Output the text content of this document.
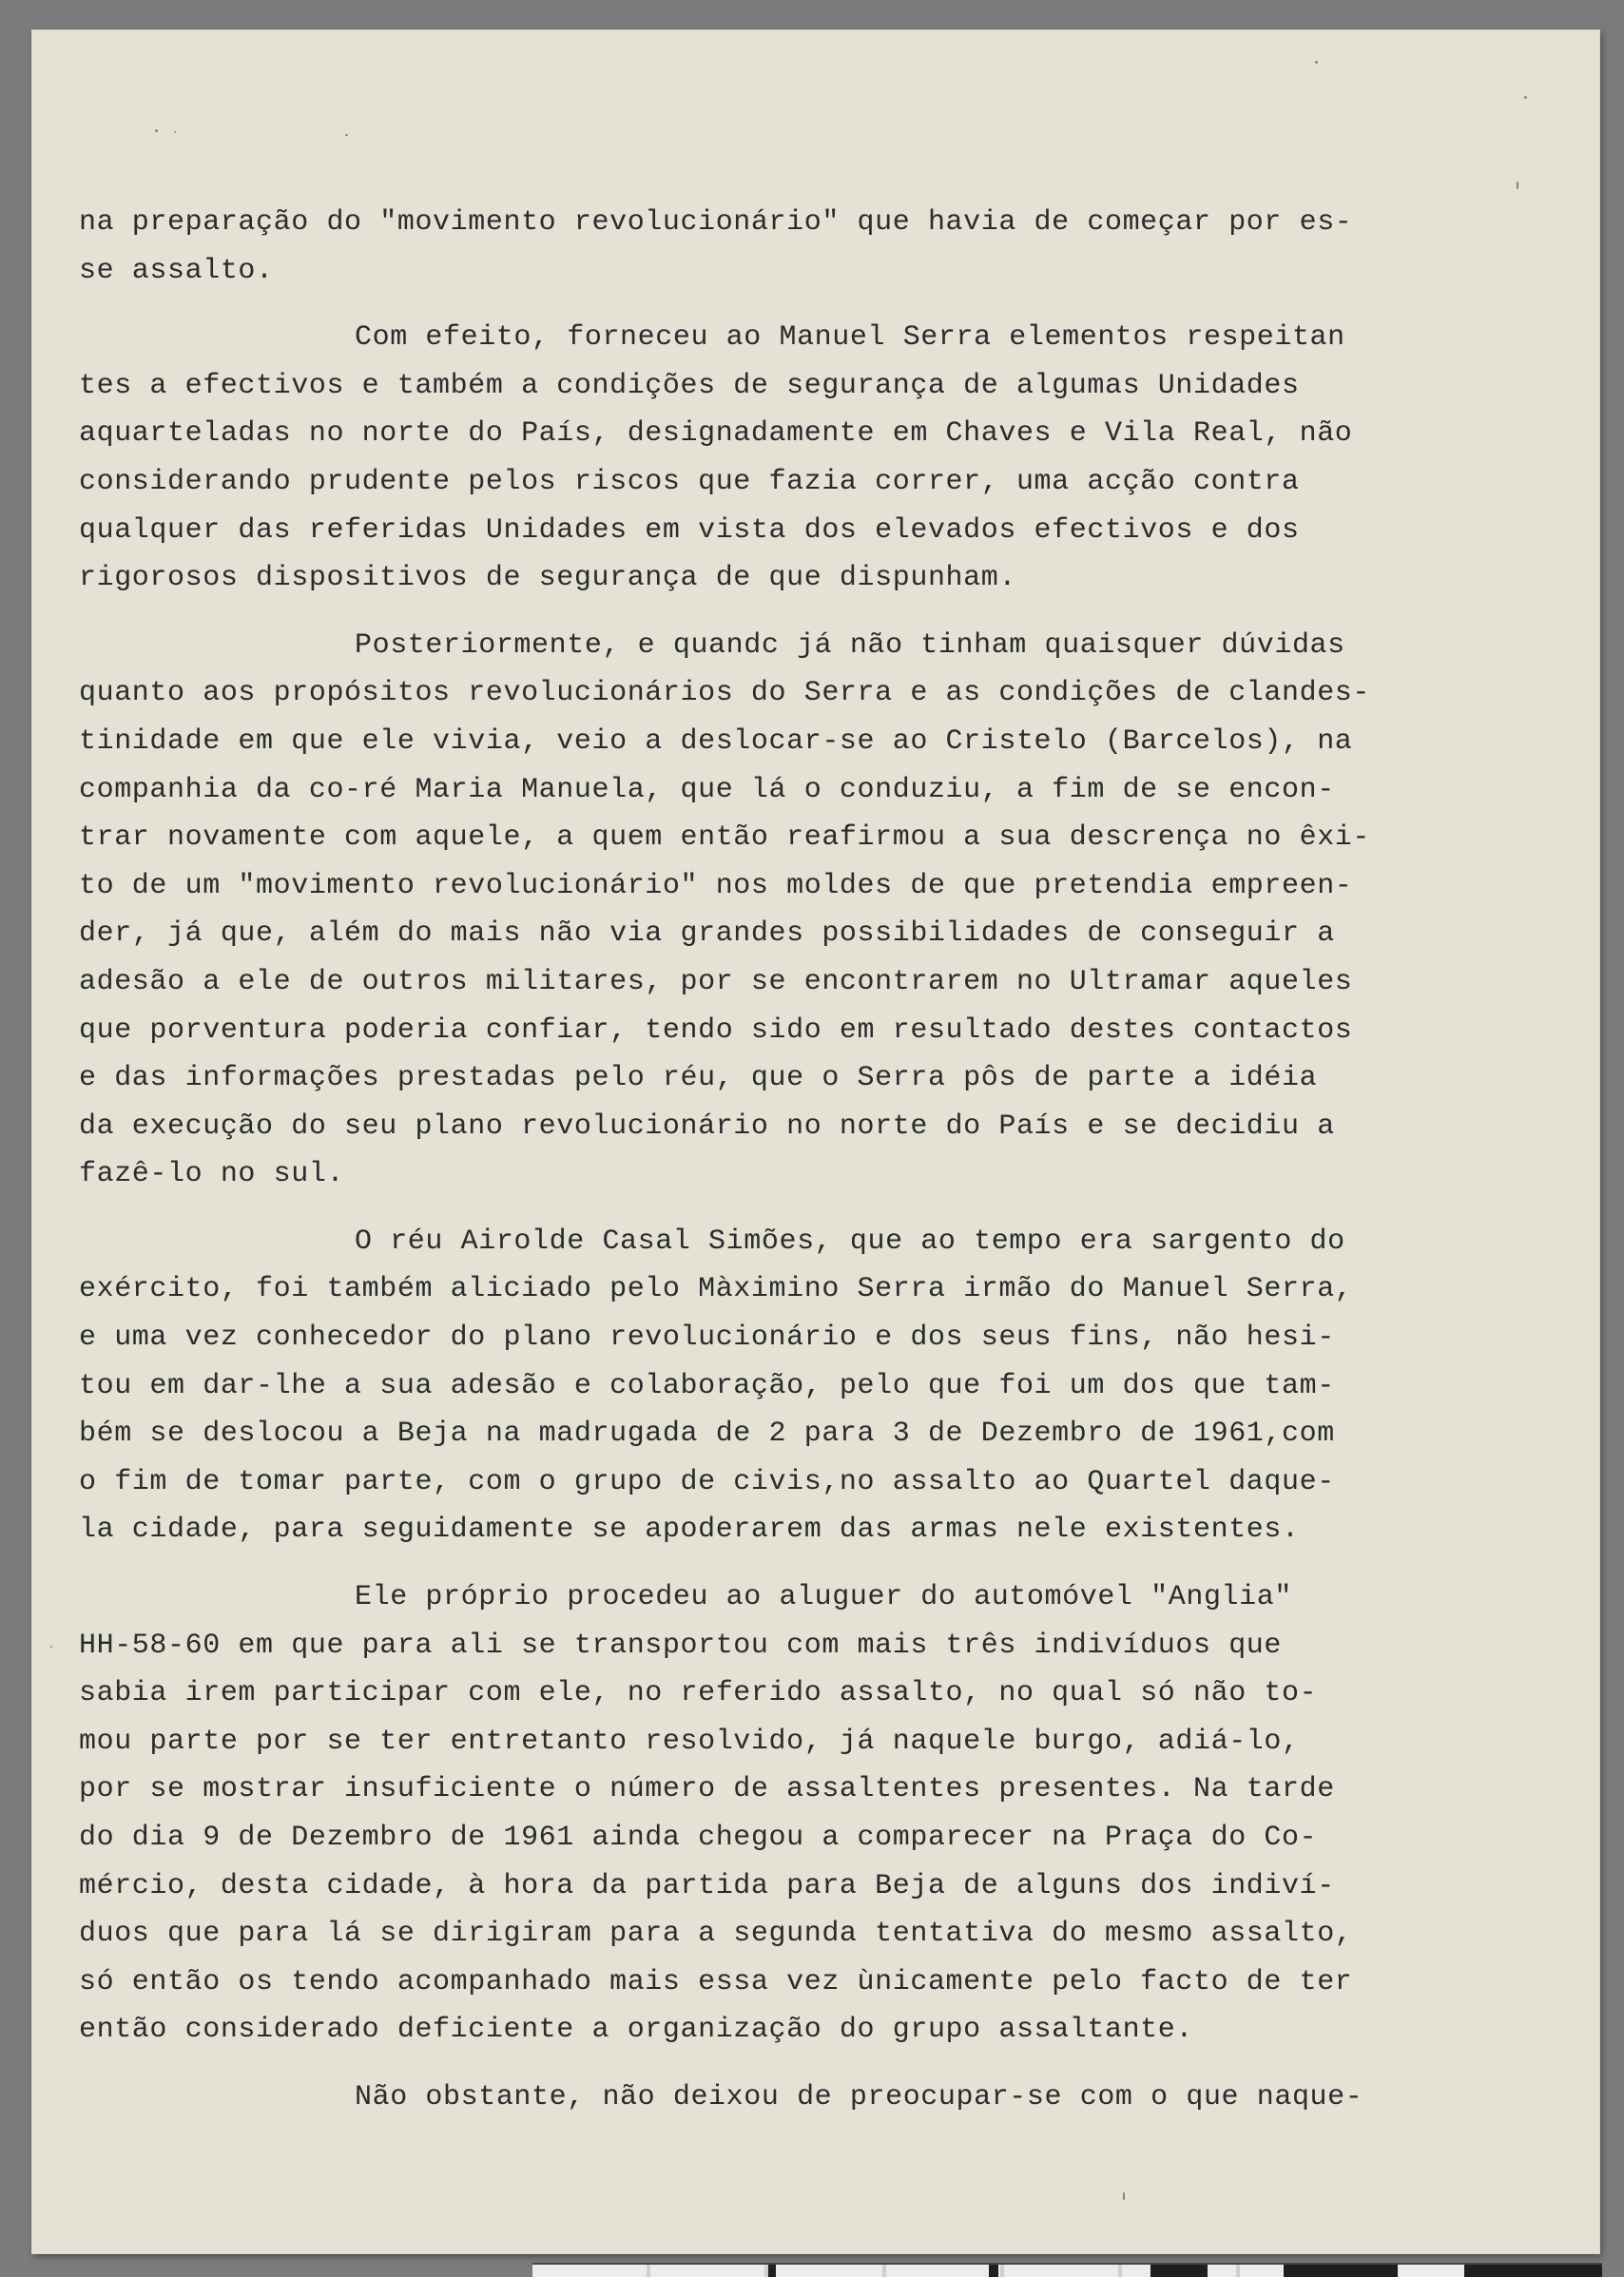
na preparação do "movimento revolucionário" que havia de começar por es-
se assalto.
Com efeito, forneceu ao Manuel Serra elementos respeitan
tes a efectivos e também a condições de segurança de algumas Unidades
aquarteladas no norte do País, designadamente em Chaves e Vila Real, não
considerando prudente pelos riscos que fazia correr, uma acção contra
qualquer das referidas Unidades em vista dos elevados efectivos e dos
rigorosos dispositivos de segurança de que dispunham.
Posteriormente, e quandc já não tinham quaisquer dúvidas
quanto aos propósitos revolucionários do Serra e as condições de clandes-
tinidade em que ele vivia, veio a deslocar-se ao Cristelo (Barcelos), na
companhia da co-ré Maria Manuela, que lá o conduziu, a fim de se encon-
trar novamente com aquele, a quem então reafirmou a sua descrença no êxi-
to de um "movimento revolucionário" nos moldes de que pretendia empreen-
der, já que, além do mais não via grandes possibilidades de conseguir a
adesão a ele de outros militares, por se encontrarem no Ultramar aqueles
que porventura poderia confiar, tendo sido em resultado destes contactos
e das informações prestadas pelo réu, que o Serra pôs de parte a idéia
da execução do seu plano revolucionário no norte do País e se decidiu a
fazê-lo no sul.
O réu Airolde Casal Simões, que ao tempo era sargento do
exército, foi também aliciado pelo Màximino Serra irmão do Manuel Serra,
e uma vez conhecedor do plano revolucionário e dos seus fins, não hesi-
tou em dar-lhe a sua adesão e colaboração, pelo que foi um dos que tam-
bém se deslocou a Beja na madrugada de 2 para 3 de Dezembro de 1961,com
o fim de tomar parte, com o grupo de civis,no assalto ao Quartel daque-
la cidade, para seguidamente se apoderarem das armas nele existentes.
Ele próprio procedeu ao aluguer do automóvel "Anglia"
HH-58-60 em que para ali se transportou com mais três indivíduos que
sabia irem participar com ele, no referido assalto, no qual só não to-
mou parte por se ter entretanto resolvido, já naquele burgo, adiá-lo,
por se mostrar insuficiente o número de assaltentes presentes. Na tarde
do dia 9 de Dezembro de 1961 ainda chegou a comparecer na Praça do Co-
mércio, desta cidade, à hora da partida para Beja de alguns dos indiví-
duos que para lá se dirigiram para a segunda tentativa do mesmo assalto,
só então os tendo acompanhado mais essa vez ùnicamente pelo facto de ter
então considerado deficiente a organização do grupo assaltante.
Não obstante, não deixou de preocupar-se com o que naque-
